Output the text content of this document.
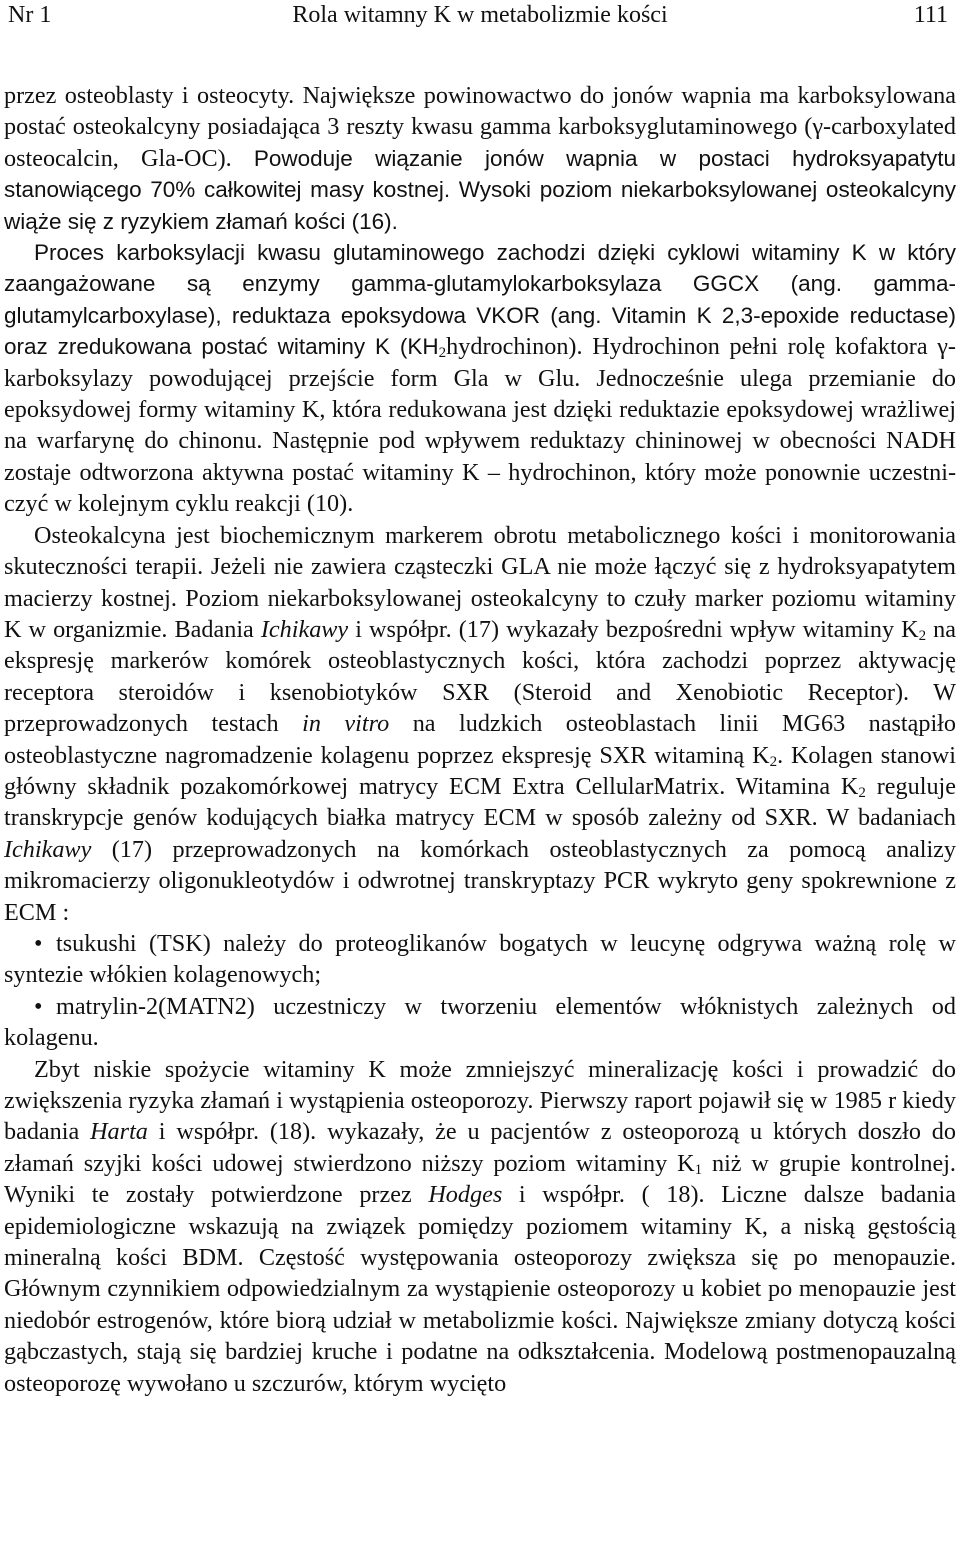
Nr 1	Rola witamny K w metabolizmie kości	111

przez osteoblasty i osteocyty. Największe powinowactwo do jonów wapnia ma karboksylowana postać osteokalcyny posiadająca 3 reszty kwasu gamma karboksyglutaminowego (γ-carboxylated osteocalcin, Gla-OC). Powoduje wiązanie jonów wapnia w postaci hydroksyapatytu stanowiącego 70% całkowitej masy kostnej. Wysoki poziom niekarboksylowanej osteokalcyny wiąże się z ryzykiem złamań kości (16).

Proces karboksylacji kwasu glutaminowego zachodzi dzięki cyklowi witaminy K w który zaangażowane są enzymy gamma-glutamylokarboksylaza GGCX (ang. gamma-glutamylcarboxylase), reduktaza epoksydowa VKOR (ang. Vitamin K 2,3-epoxide reductase) oraz zredukowana postać witaminy K $(KH_2hydrochinon)$. Hydrochinon pełni rolę kofaktora γ-karboksylazy powodującej przejście form Gla w Glu. Jednocześnie ulega przemianie do epoksydowej formy witaminy K, która redukowana jest dzięki reduktazie epoksydowej wrażliwej na warfarynę do chinonu. Następnie pod wpływem reduktazy chininowej w obecności NADH zostaje odtworzona aktywna postać witaminy K – hydrochinon, który może ponownie uczestniczyć w kolejnym cyklu reakcji (10).

Osteokalcyna jest biochemicznym markerem obrotu metabolicznego kości i monitorowania skuteczności terapii. Jeżeli nie zawiera cząsteczki GLA nie może łączyć się z hydroksyapatytem macierzy kostnej. Poziom niekarboksylowanej osteokalcyny to czuły marker poziomu witaminy K w organizmie. Badania Ichikawy i współpr. (17) wykazały bezpośredni wpływ witaminy $K_2$ na ekspresję markerów komórek osteoblastycznych kości, która zachodzi poprzez aktywację receptora steroidów i ksenobiotyków SXR (Steroid and Xenobiotic Receptor). W przeprowadzonych testach in vitro na ludzkich osteoblastach linii MG63 nastąpiło osteoblastyczne nagromadzenie kolagenu poprzez ekspresję SXR witaminą $K_2$. Kolagen stanowi główny składnik pozakomórkowej matrycy ECM Extra CellularMatrix. Witamina $K_2$ reguluje transkrypcje genów kodujących białka matrycy ECM w sposób zależny od SXR. W badaniach Ichikawy (17) przeprowadzonych na komórkach osteoblastycznych za pomocą analizy mikromacierzy oligonukleotydów i odwrotnej transkryptazy PCR wykryto geny spokrewnione z ECM :

• tsukushi (TSK) należy do proteoglikanów bogatych w leucynę odgrywa ważną rolę w syntezie włókien kolagenowych;
• matrylin-2(MATN2) uczestniczy w tworzeniu elementów włóknistych zależnych od kolagenu.

Zbyt niskie spożycie witaminy K może zmniejszyć mineralizację kości i prowadzić do zwiększenia ryzyka złamań i wystąpienia osteoporozy. Pierwszy raport pojawił się w 1985 r kiedy badania Harta i współpr. (18). wykazały, że u pacjentów z osteoporozą u których doszło do złamań szyjki kości udowej stwierdzono niższy poziom witaminy $K_1$ niż w grupie kontrolnej. Wyniki te zostały potwierdzone przez Hodges i współpr. ( 18). Liczne dalsze badania epidemiologiczne wskazują na związek pomiędzy poziomem witaminy K, a niską gęstością mineralną kości BDM. Częstość występowania osteoporozy zwiększa się po menopauzie. Głównym czynnikiem odpowiedzialnym za wystąpienie osteoporozy u kobiet po menopauzie jest niedobór estrogenów, które biorą udział w metabolizmie kości. Największe zmiany dotyczą kości gąbczastych, stają się bardziej kruche i podatne na odkształcenia. Modelową postmenopauzalną osteoporozę wywołano u szczurów, którym wycięto
